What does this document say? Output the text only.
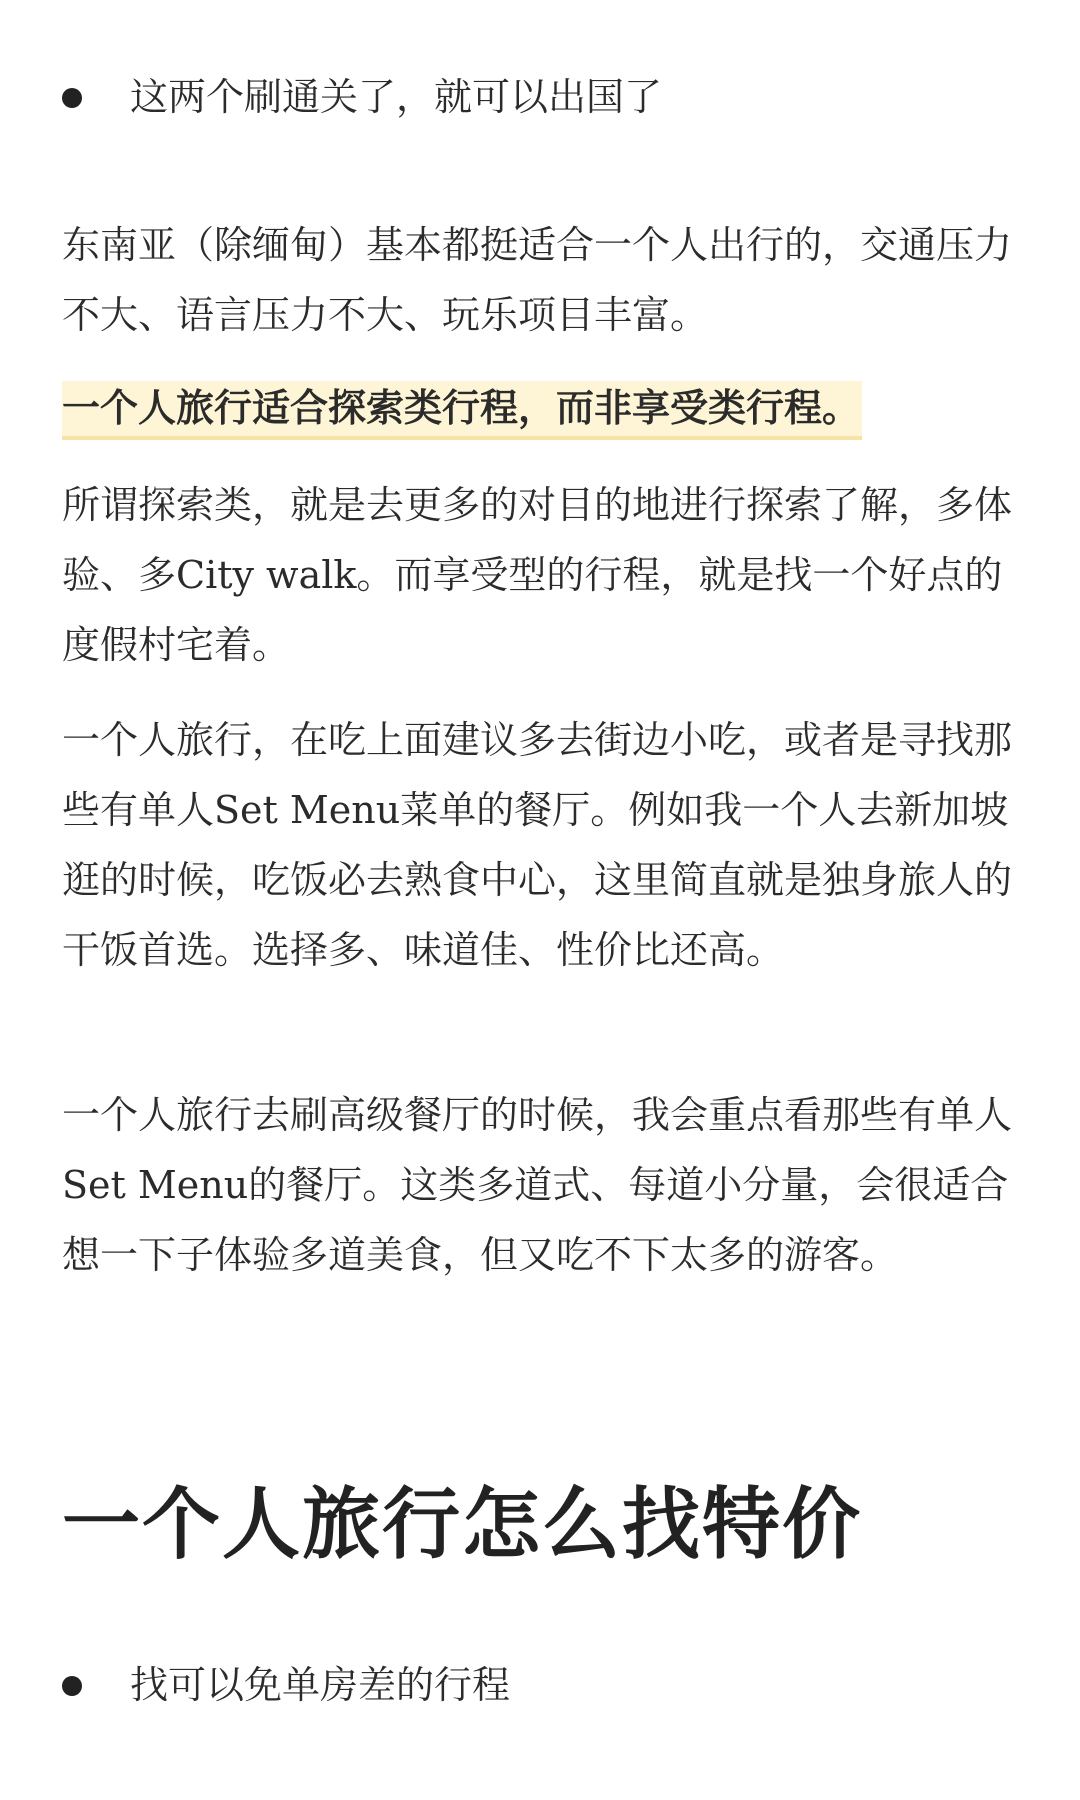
这两个刷通关了，就可以出国了

东南亚（除缅甸）基本都挺适合一个人出行的，交通压力不大、语言压力不大、玩乐项目丰富。

一个人旅行适合探索类行程，而非享受类行程。

所谓探索类，就是去更多的对目的地进行探索了解，多体验、多City walk。而享受型的行程，就是找一个好点的度假村宅着。

一个人旅行，在吃上面建议多去街边小吃，或者是寻找那些有单人Set Menu菜单的餐厅。例如我一个人去新加坡逛的时候，吃饭必去熟食中心，这里简直就是独身旅人的干饭首选。选择多、味道佳、性价比还高。

一个人旅行去刷高级餐厅的时候，我会重点看那些有单人Set Menu的餐厅。这类多道式、每道小分量，会很适合想一下子体验多道美食，但又吃不下太多的游客。

一个人旅行怎么找特价
找可以免单房差的行程
